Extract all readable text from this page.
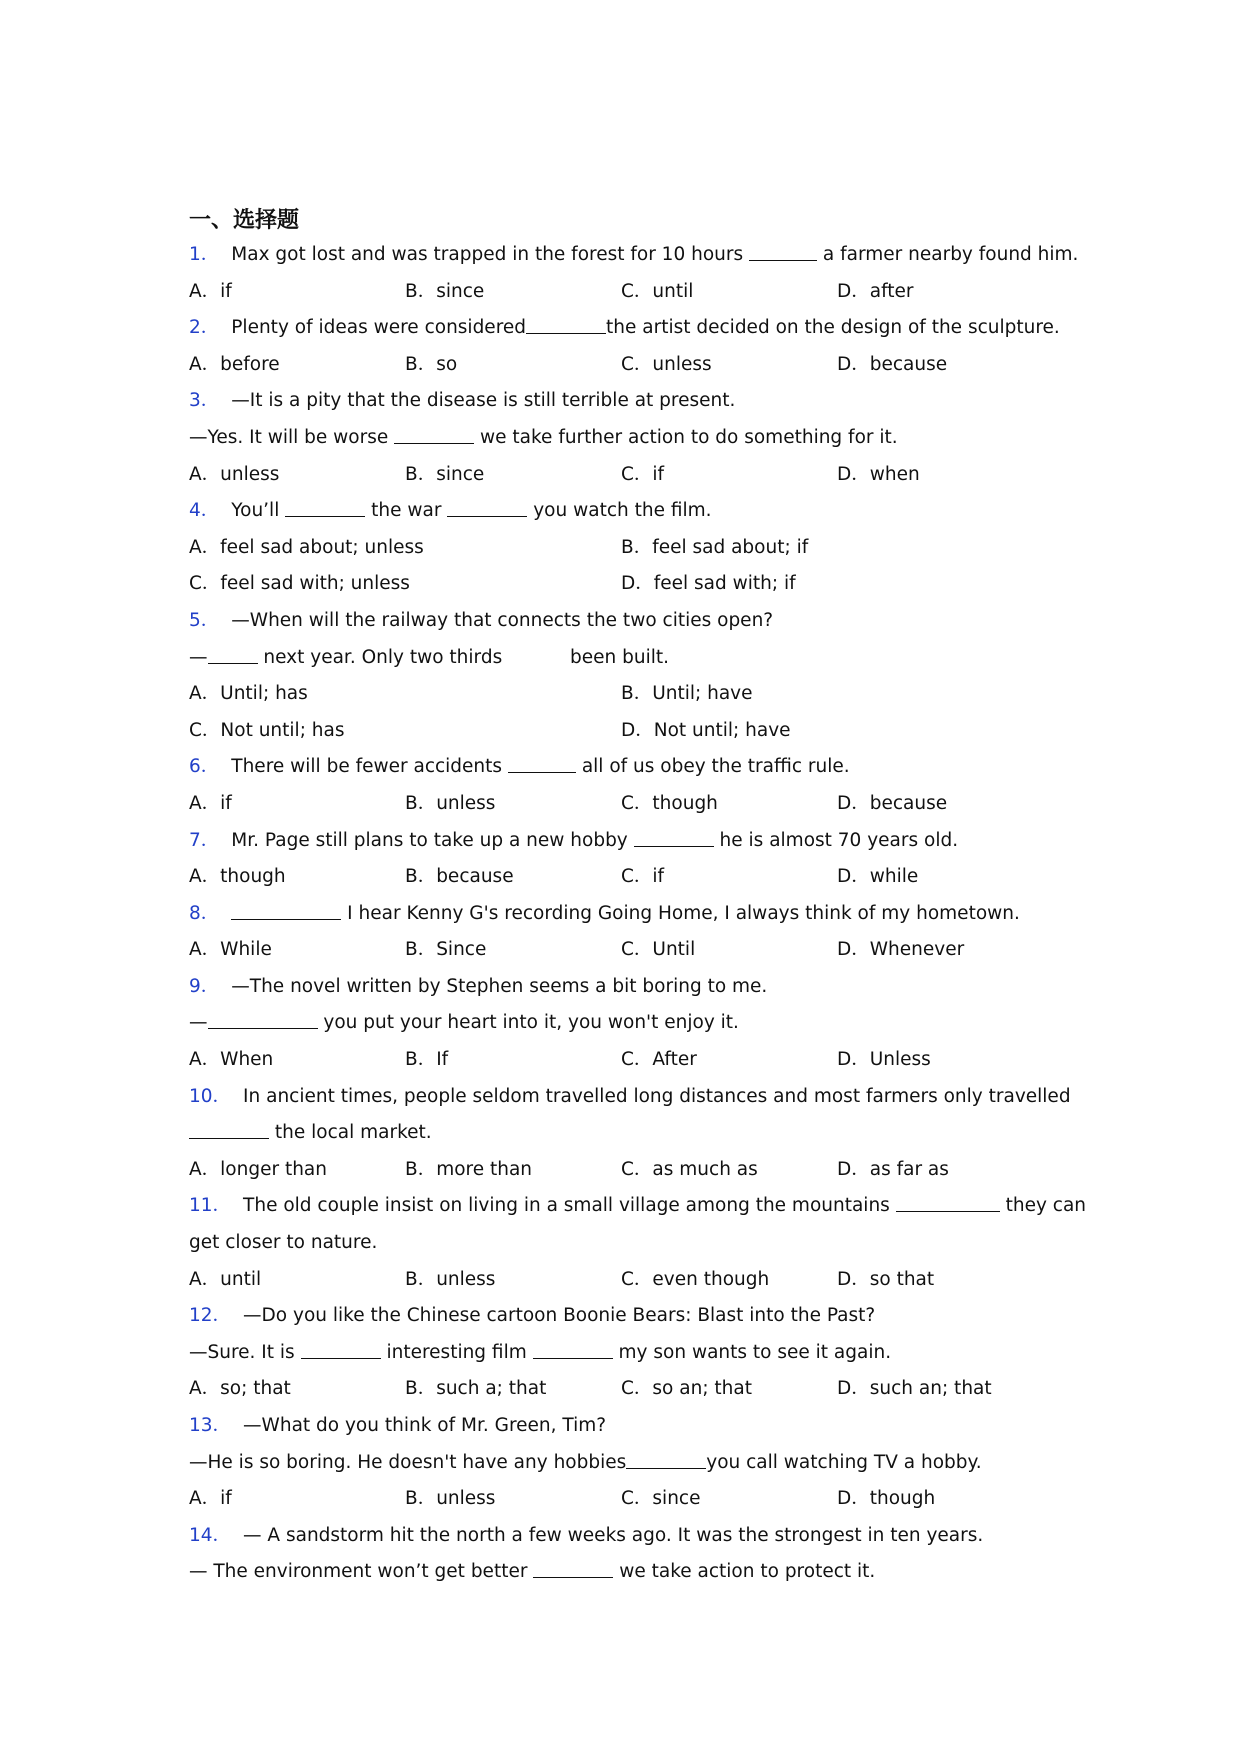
一、选择题
1． Max got lost and was trapped in the forest for 10 hours	a farmer nearby found him.
A．if	B．since	C．until	D．after
2． Plenty of ideas were considered	the artist decided on the design of the sculpture.
A．before	B．so	C．unless	D．because
3． —It is a pity that the disease is still terrible at present.
—Yes. It will be worse	we take further action to do something for it.
A．unless	B．since	C．if	D．when
4． You’ll	the war	you watch the film.
A．feel sad about; unless	B．feel sad about; if
C．feel sad with; unless	D．feel sad with; if
5． —When will the railway that connects the two cities open?
—	next year. Only two thirds	been built.
A．Until; has	B．Until; have
C．Not until; has	D．Not until; have
6． There will be fewer accidents	all of us obey the traffic rule.
A．if	B．unless	C．though	D．because
7． Mr. Page still plans to take up a new hobby	he is almost 70 years old.
A．though	B．because	C．if	D．while
8．	I hear Kenny G's recording Going Home, I always think of my hometown.
A．While	B．Since	C．Until	D．Whenever
9． —The novel written by Stephen seems a bit boring to me.
—	you put your heart into it, you won't enjoy it.
A．When	B．If	C．After	D．Unless
10． In ancient times, people seldom travelled long distances and most farmers only travelled
the local market.
A．longer than	B．more than	C．as much as	D．as far as
11． The old couple insist on living in a small village among the mountains	they can
get closer to nature.
A．until	B．unless	C．even though	D．so that
12． —Do you like the Chinese cartoon Boonie Bears: Blast into the Past?
—Sure. It is	interesting film	my son wants to see it again.
A．so; that	B．such a; that	C．so an; that	D．such an; that
13． —What do you think of Mr. Green, Tim?
—He is so boring. He doesn't have any hobbies	you call watching TV a hobby.
A．if	B．unless	C．since	D．though
14． — A sandstorm hit the north a few weeks ago. It was the strongest in ten years.
— The environment won’t get better	we take action to protect it.
